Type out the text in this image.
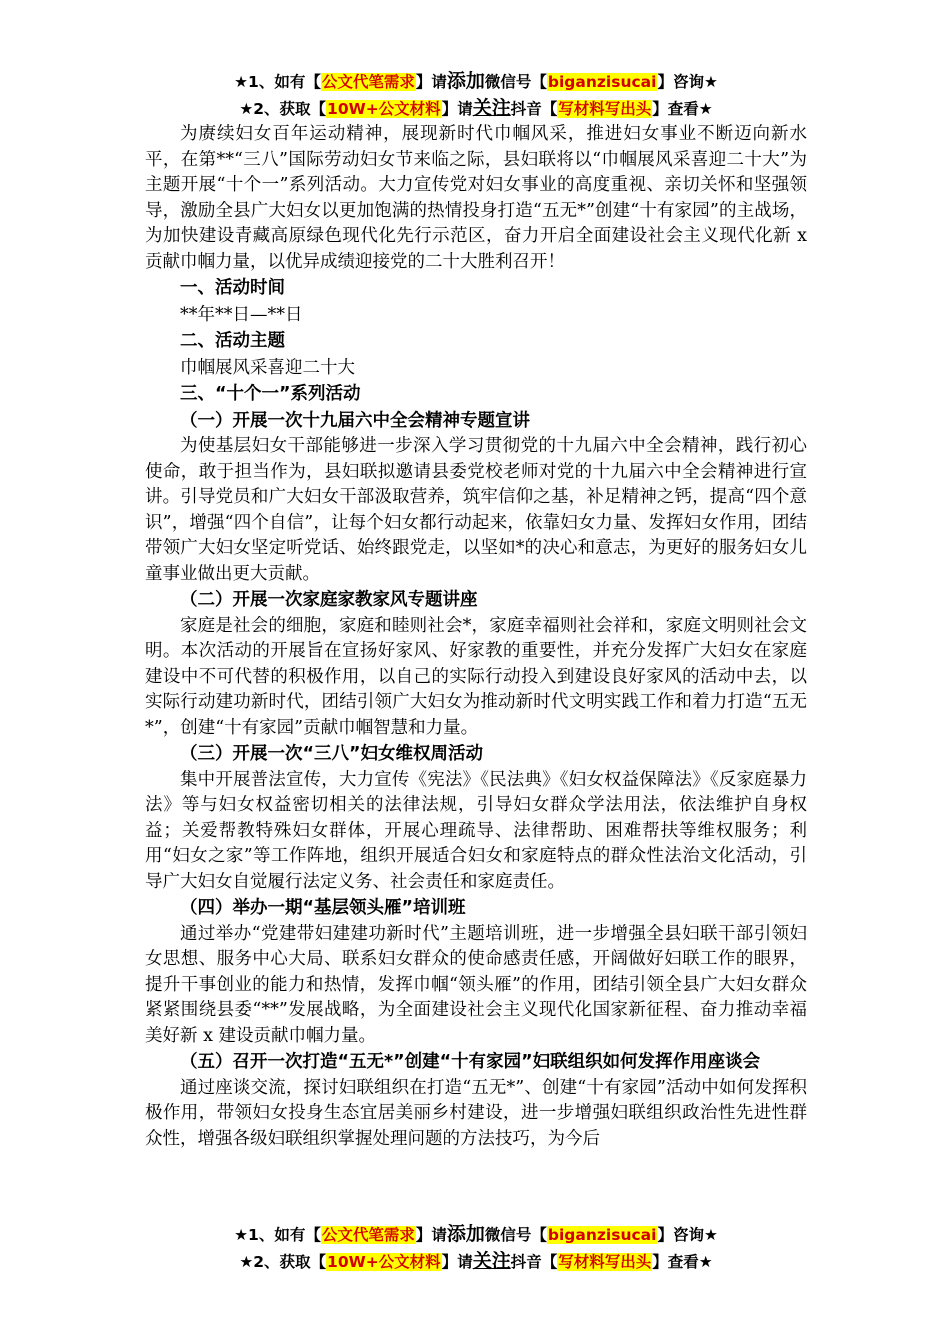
★1、如有【公文代笔需求】请添加微信号【biganzisucai】咨询★
★2、获取【10W+公文材料】请关注抖音【写材料写出头】查看★

为赓续妇女百年运动精神，展现新时代巾帼风采，推进妇女事业不断迈向新水平，在第**“三八”国际劳动妇女节来临之际，县妇联将以“巾帼展风采喜迎二十大”为主题开展“十个一”系列活动。大力宣传党对妇女事业的高度重视、亲切关怀和坚强领导，激励全县广大妇女以更加饱满的热情投身打造“五无*”创建“十有家园”的主战场，为加快建设青藏高原绿色现代化先行示范区，奋力开启全面建设社会主义现代化新 x 贡献巾帼力量，以优异成绩迎接党的二十大胜利召开！

一、活动时间

**年**日—**日

二、活动主题

巾帼展风采喜迎二十大

三、“十个一”系列活动

（一）开展一次十九届六中全会精神专题宣讲

为使基层妇女干部能够进一步深入学习贯彻党的十九届六中全会精神，践行初心使命，敢于担当作为，县妇联拟邀请县委党校老师对党的十九届六中全会精神进行宣讲。引导党员和广大妇女干部汲取营养，筑牢信仰之基，补足精神之钙，提高“四个意识”，增强“四个自信”，让每个妇女都行动起来，依靠妇女力量、发挥妇女作用，团结带领广大妇女坚定听党话、始终跟党走，以坚如*的决心和意志，为更好的服务妇女儿童事业做出更大贡献。

（二）开展一次家庭家教家风专题讲座

家庭是社会的细胞，家庭和睦则社会*，家庭幸福则社会祥和，家庭文明则社会文明。本次活动的开展旨在宣扬好家风、好家教的重要性，并充分发挥广大妇女在家庭建设中不可代替的积极作用，以自己的实际行动投入到建设良好家风的活动中去，以实际行动建功新时代，团结引领广大妇女为推动新时代文明实践工作和着力打造“五无*”，创建“十有家园”贡献巾帼智慧和力量。

（三）开展一次“三八”妇女维权周活动

集中开展普法宣传，大力宣传《宪法》《民法典》《妇女权益保障法》《反家庭暴力法》等与妇女权益密切相关的法律法规，引导妇女群众学法用法，依法维护自身权益；关爱帮教特殊妇女群体，开展心理疏导、法律帮助、困难帮扶等维权服务；利用“妇女之家”等工作阵地，组织开展适合妇女和家庭特点的群众性法治文化活动，引导广大妇女自觉履行法定义务、社会责任和家庭责任。

（四）举办一期“基层领头雁”培训班

通过举办“党建带妇建建功新时代”主题培训班，进一步增强全县妇联干部引领妇女思想、服务中心大局、联系妇女群众的使命感责任感，开阔做好妇联工作的眼界，提升干事创业的能力和热情，发挥巾帼“领头雁”的作用，团结引领全县广大妇女群众紧紧围绕县委“**”发展战略，为全面建设社会主义现代化国家新征程、奋力推动幸福美好新 x 建设贡献巾帼力量。

（五）召开一次打造“五无*”创建“十有家园”妇联组织如何发挥作用座谈会

通过座谈交流，探讨妇联组织在打造“五无*”、创建“十有家园”活动中如何发挥积极作用，带领妇女投身生态宜居美丽乡村建设，进一步增强妇联组织政治性先进性群众性，增强各级妇联组织掌握处理问题的方法技巧，为今后

★1、如有【公文代笔需求】请添加微信号【biganzisucai】咨询★
★2、获取【10W+公文材料】请关注抖音【写材料写出头】查看★
